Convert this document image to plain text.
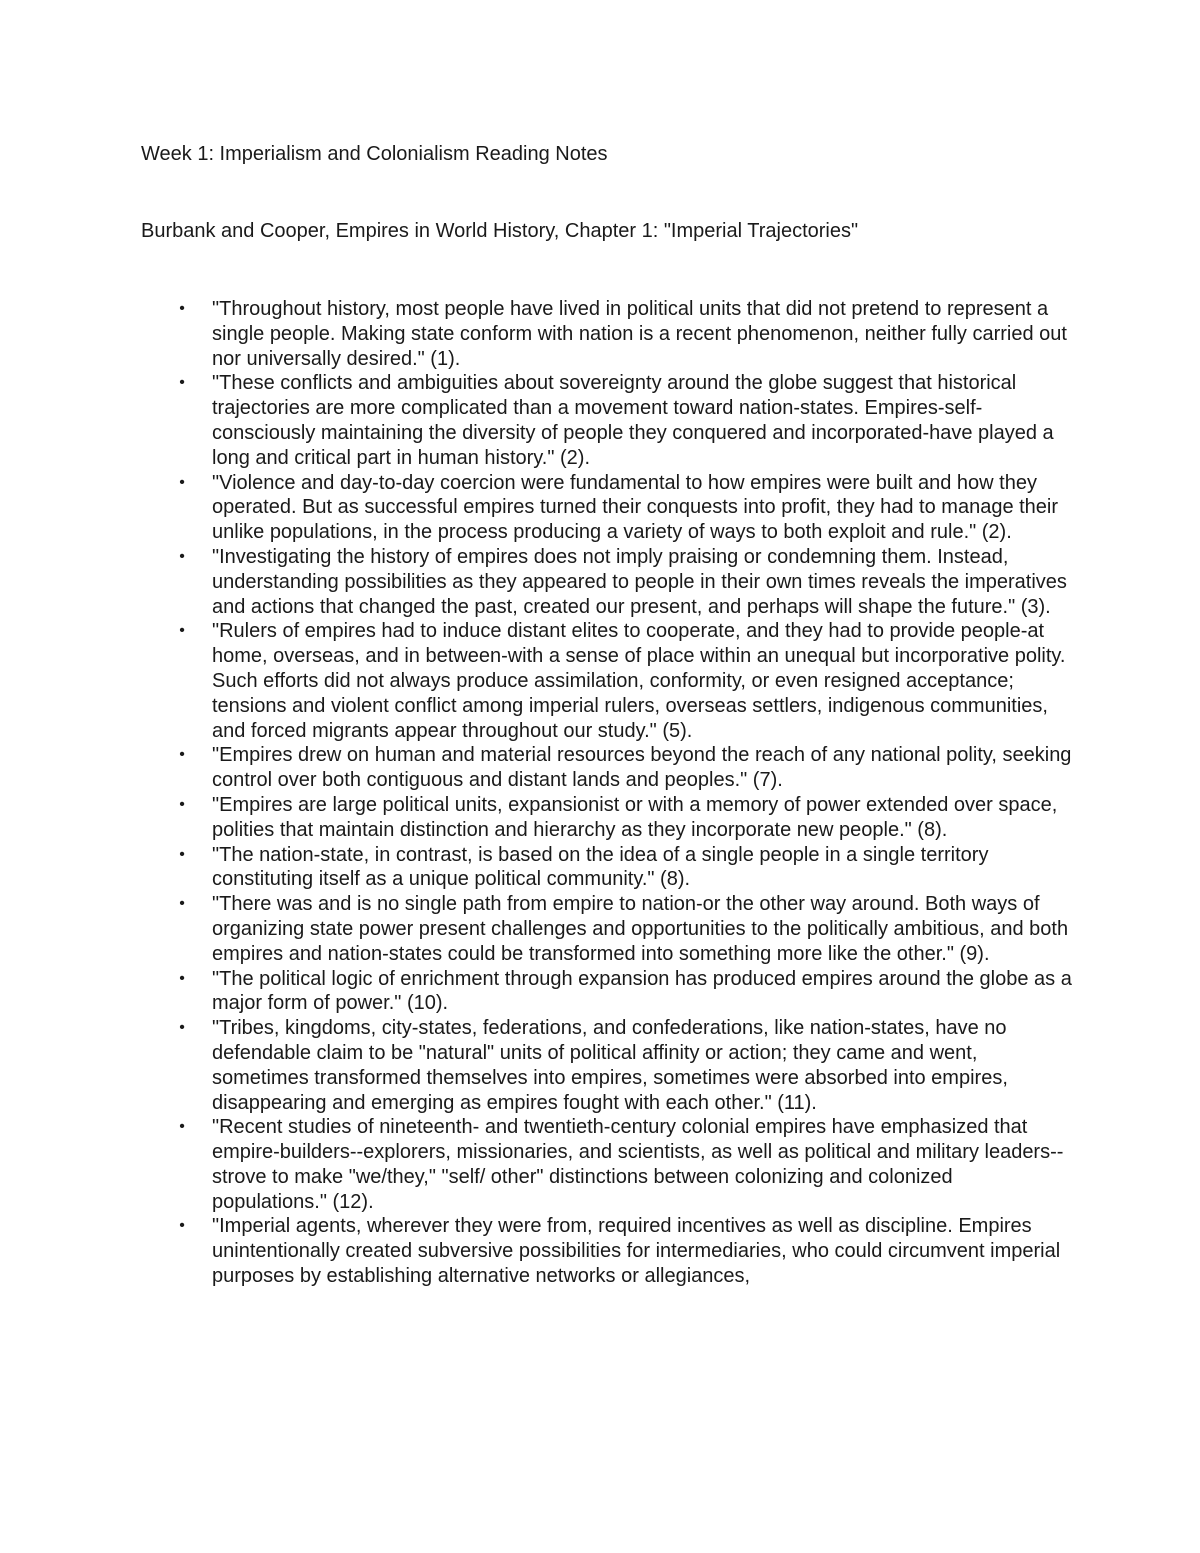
Week 1: Imperialism and Colonialism Reading Notes
Burbank and Cooper, Empires in World History, Chapter 1: "Imperial Trajectories"
• "Throughout history, most people have lived in political units that did not pretend to represent a single people. Making state conform with nation is a recent phenomenon, neither fully carried out nor universally desired." (1).
• "These conflicts and ambiguities about sovereignty around the globe suggest that historical trajectories are more complicated than a movement toward nation-states. Empires-self-consciously maintaining the diversity of people they conquered and incorporated-have played a long and critical part in human history." (2).
• "Violence and day-to-day coercion were fundamental to how empires were built and how they operated. But as successful empires turned their conquests into profit, they had to manage their unlike populations, in the process producing a variety of ways to both exploit and rule." (2).
• "Investigating the history of empires does not imply praising or condemning them. Instead, understanding possibilities as they appeared to people in their own times reveals the imperatives and actions that changed the past, created our present, and perhaps will shape the future." (3).
• "Rulers of empires had to induce distant elites to cooperate, and they had to provide people-at home, overseas, and in between-with a sense of place within an unequal but incorporative polity. Such efforts did not always produce assimilation, conformity, or even resigned acceptance; tensions and violent conflict among imperial rulers, overseas settlers, indigenous communities, and forced migrants appear throughout our study." (5).
• "Empires drew on human and material resources beyond the reach of any national polity, seeking control over both contiguous and distant lands and peoples." (7).
• "Empires are large political units, expansionist or with a memory of power extended over space, polities that maintain distinction and hierarchy as they incorporate new people." (8).
• "The nation-state, in contrast, is based on the idea of a single people in a single territory constituting itself as a unique political community." (8).
• "There was and is no single path from empire to nation-or the other way around. Both ways of organizing state power present challenges and opportunities to the politically ambitious, and both empires and nation-states could be transformed into something more like the other." (9).
• "The political logic of enrichment through expansion has produced empires around the globe as a major form of power." (10).
• "Tribes, kingdoms, city-states, federations, and confederations, like nation-states, have no defendable claim to be "natural" units of political affinity or action; they came and went, sometimes transformed themselves into empires, sometimes were absorbed into empires, disappearing and emerging as empires fought with each other." (11).
• "Recent studies of nineteenth- and twentieth-century colonial empires have emphasized that empire-builders--explorers, missionaries, and scientists, as well as political and military leaders--strove to make "we/they," "self/ other" distinctions between colonizing and colonized populations." (12).
• "Imperial agents, wherever they were from, required incentives as well as discipline. Empires unintentionally created subversive possibilities for intermediaries, who could circumvent imperial purposes by establishing alternative networks or allegiances,
